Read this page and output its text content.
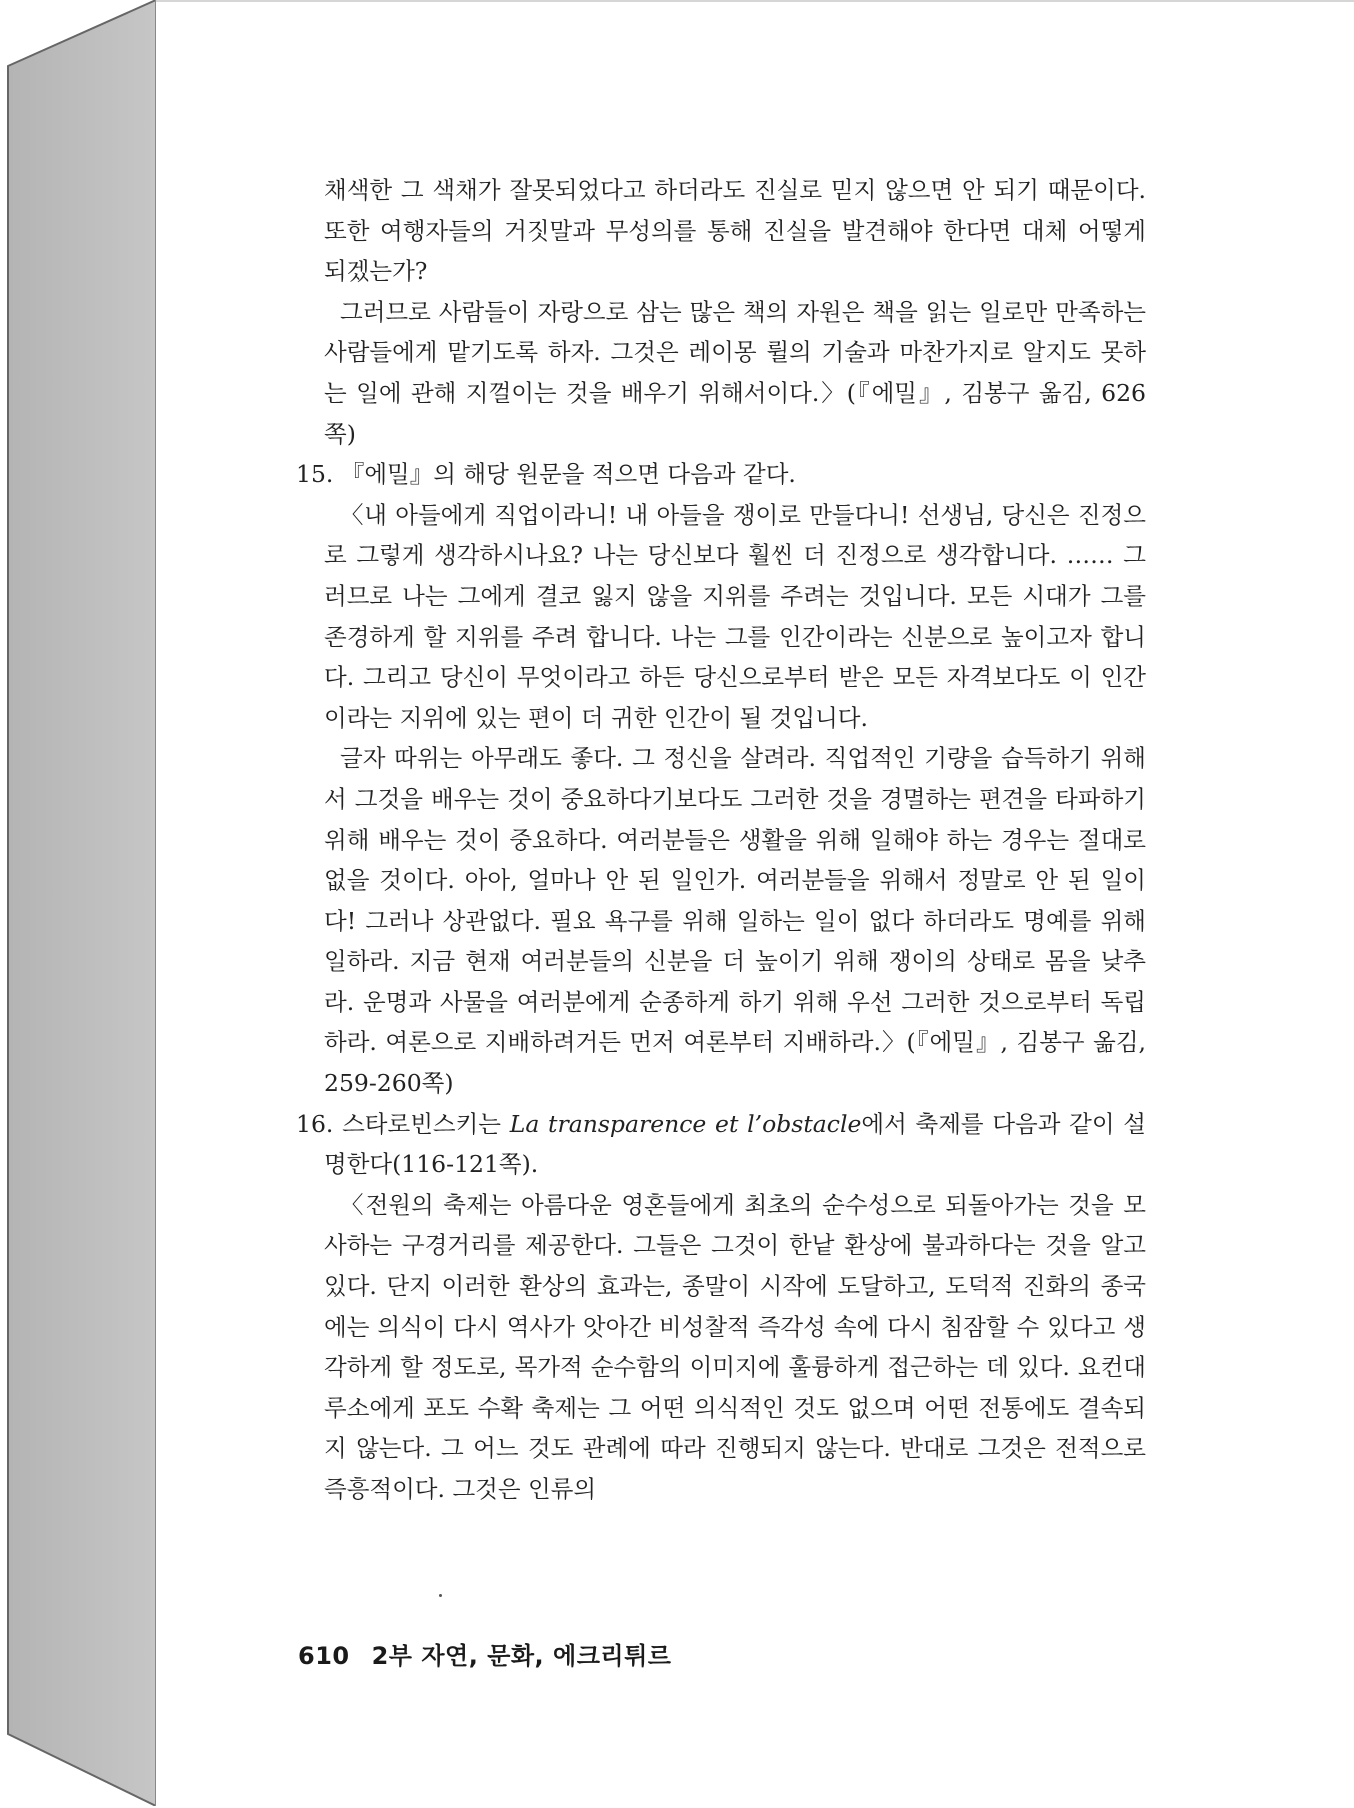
채색한 그 색채가 잘못되었다고 하더라도 진실로 믿지 않으면 안 되기 때문이다. 또한 여행자들의 거짓말과 무성의를 통해 진실을 발견해야 한다면 대체 어떻게 되겠는가?

그러므로 사람들이 자랑으로 삼는 많은 책의 자원은 책을 읽는 일로만 만족하는 사람들에게 맡기도록 하자. 그것은 레이몽 륄의 기술과 마찬가지로 알지도 못하는 일에 관해 지껄이는 것을 배우기 위해서이다.〉(『에밀』, 김봉구 옮김, 626쪽)

15. 『에밀』의 해당 원문을 적으면 다음과 같다.

〈내 아들에게 직업이라니! 내 아들을 쟁이로 만들다니! 선생님, 당신은 진정으로 그렇게 생각하시나요? 나는 당신보다 훨씬 더 진정으로 생각합니다. …… 그러므로 나는 그에게 결코 잃지 않을 지위를 주려는 것입니다. 모든 시대가 그를 존경하게 할 지위를 주려 합니다. 나는 그를 인간이라는 신분으로 높이고자 합니다. 그리고 당신이 무엇이라고 하든 당신으로부터 받은 모든 자격보다도 이 인간이라는 지위에 있는 편이 더 귀한 인간이 될 것입니다.

글자 따위는 아무래도 좋다. 그 정신을 살려라. 직업적인 기량을 습득하기 위해서 그것을 배우는 것이 중요하다기보다도 그러한 것을 경멸하는 편견을 타파하기 위해 배우는 것이 중요하다. 여러분들은 생활을 위해 일해야 하는 경우는 절대로 없을 것이다. 아아, 얼마나 안 된 일인가. 여러분들을 위해서 정말로 안 된 일이다! 그러나 상관없다. 필요 욕구를 위해 일하는 일이 없다 하더라도 명예를 위해 일하라. 지금 현재 여러분들의 신분을 더 높이기 위해 쟁이의 상태로 몸을 낮추라. 운명과 사물을 여러분에게 순종하게 하기 위해 우선 그러한 것으로부터 독립하라. 여론으로 지배하려거든 먼저 여론부터 지배하라.〉(『에밀』, 김봉구 옮김, 259-260쪽)

16. 스타로빈스키는 La transparence et l’obstacle에서 축제를 다음과 같이 설명한다(116-121쪽).

〈전원의 축제는 아름다운 영혼들에게 최초의 순수성으로 되돌아가는 것을 모사하는 구경거리를 제공한다. 그들은 그것이 한낱 환상에 불과하다는 것을 알고 있다. 단지 이러한 환상의 효과는, 종말이 시작에 도달하고, 도덕적 진화의 종국에는 의식이 다시 역사가 앗아간 비성찰적 즉각성 속에 다시 침잠할 수 있다고 생각하게 할 정도로, 목가적 순수함의 이미지에 훌륭하게 접근하는 데 있다. 요컨대 루소에게 포도 수확 축제는 그 어떤 의식적인 것도 없으며 어떤 전통에도 결속되지 않는다. 그 어느 것도 관례에 따라 진행되지 않는다. 반대로 그것은 전적으로 즉흥적이다. 그것은 인류의

610 2부 자연, 문화, 에크리튀르
